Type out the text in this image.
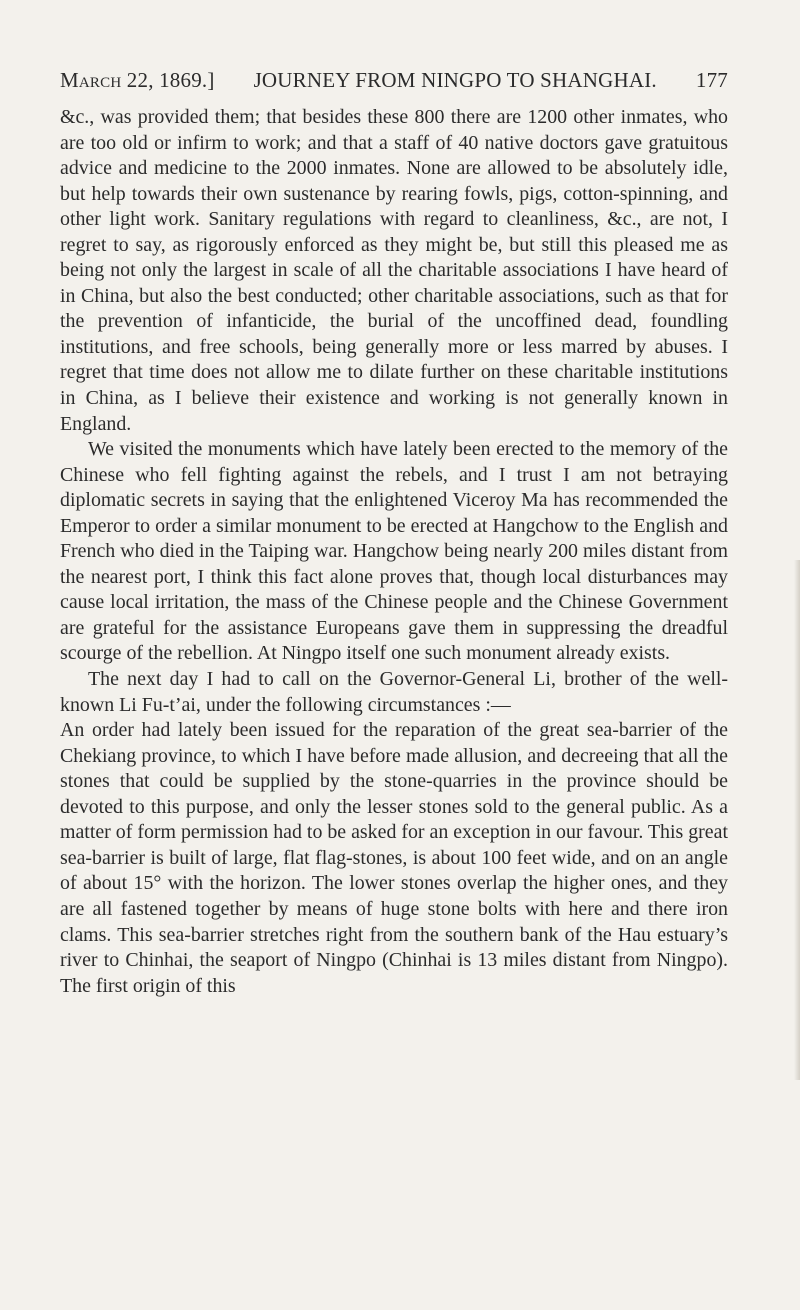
March 22, 1869.] JOURNEY FROM NINGPO TO SHANGHAI. 177

&c., was provided them; that besides these 800 there are 1200 other inmates, who are too old or infirm to work; and that a staff of 40 native doctors gave gratuitous advice and medicine to the 2000 inmates. None are allowed to be absolutely idle, but help towards their own sustenance by rearing fowls, pigs, cotton-spinning, and other light work. Sanitary regulations with regard to cleanliness, &c., are not, I regret to say, as rigorously enforced as they might be, but still this pleased me as being not only the largest in scale of all the charitable associations I have heard of in China, but also the best conducted; other charitable associations, such as that for the prevention of infanticide, the burial of the uncoffined dead, foundling institutions, and free schools, being generally more or less marred by abuses. I regret that time does not allow me to dilate further on these charitable institutions in China, as I believe their existence and working is not generally known in England.

We visited the monuments which have lately been erected to the memory of the Chinese who fell fighting against the rebels, and I trust I am not betraying diplomatic secrets in saying that the enlightened Viceroy Ma has recommended the Emperor to order a similar monument to be erected at Hangchow to the English and French who died in the Taiping war. Hangchow being nearly 200 miles distant from the nearest port, I think this fact alone proves that, though local disturbances may cause local irritation, the mass of the Chinese people and the Chinese Government are grateful for the assistance Europeans gave them in suppressing the dreadful scourge of the rebellion. At Ningpo itself one such monument already exists.

The next day I had to call on the Governor-General Li, brother of the well-known Li Fu-t’ai, under the following circumstances :—

An order had lately been issued for the reparation of the great sea-barrier of the Chekiang province, to which I have before made allusion, and decreeing that all the stones that could be supplied by the stone-quarries in the province should be devoted to this purpose, and only the lesser stones sold to the general public. As a matter of form permission had to be asked for an exception in our favour. This great sea-barrier is built of large, flat flag-stones, is about 100 feet wide, and on an angle of about 15° with the horizon. The lower stones overlap the higher ones, and they are all fastened together by means of huge stone bolts with here and there iron clams. This sea-barrier stretches right from the southern bank of the Hau estuary’s river to Chinhai, the seaport of Ningpo (Chinhai is 13 miles distant from Ningpo). The first origin of this
